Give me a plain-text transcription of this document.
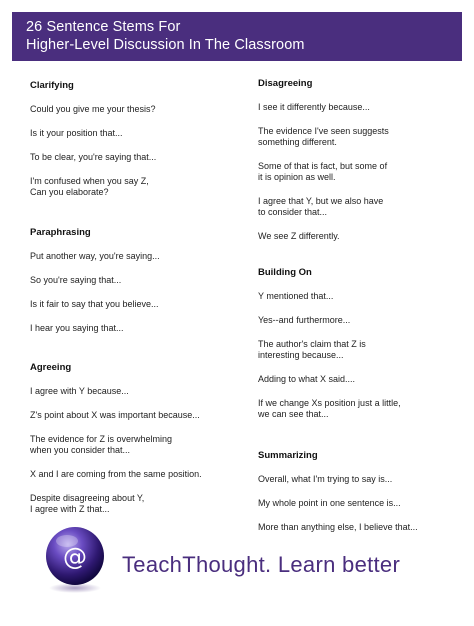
26 Sentence Stems For
Higher-Level Discussion In The Classroom
Clarifying
Could you give me your thesis?
Is it your position that...
To be clear, you're saying that...
I'm confused when you say Z,
Can you elaborate?
Paraphrasing
Put another way, you're saying...
So you're saying that...
Is it fair to say that you believe...
I hear you saying that...
Agreeing
I agree with Y because...
Z's point about X was important because...
The evidence for Z is overwhelming
when you consider that...
X and I are coming from the same position.
Despite disagreeing about Y,
I agree with Z that...
Disagreeing
I see it differently because...
The evidence I've seen suggests
something different.
Some of that is fact, but some of
it is opinion as well.
I agree that Y, but we also have
to consider that...
We see Z differently.
Building On
Y mentioned that...
Yes--and furthermore...
The author's claim that Z is
interesting because...
Adding to what X said....
If we change Xs position just a little,
we can see that...
Summarizing
Overall, what I'm trying to say is...
My whole point in one sentence is...
More than anything else, I believe that...
@ TeachThought. Learn better
